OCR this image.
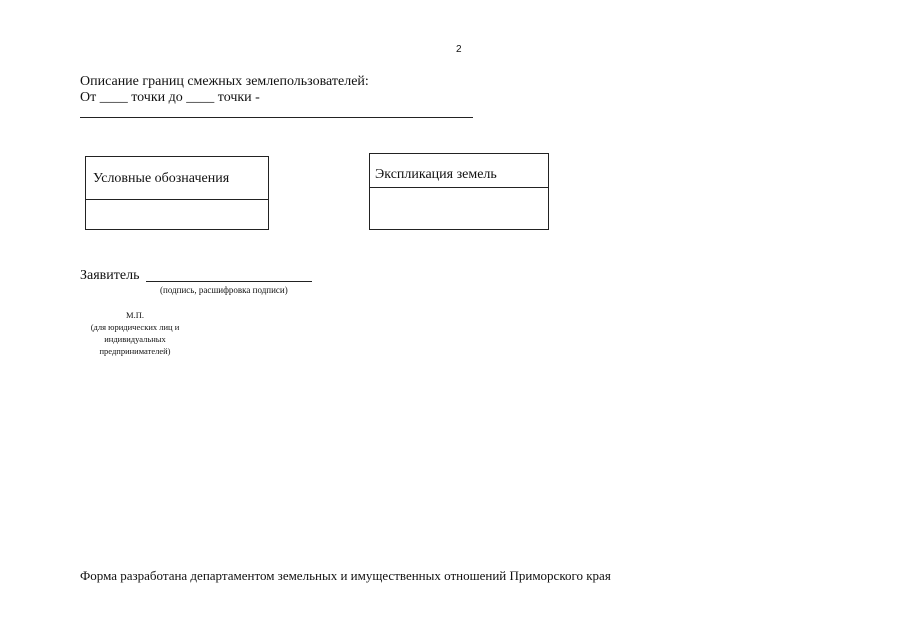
2
Описание границ смежных землепользователей:
От ____ точки до ____ точки -
Условные обозначения	Экспликация земель
Заявитель
(подпись, расшифровка подписи)
М.П.
(для юридических лиц и
индивидуальных
предпринимателей)
Форма разработана департаментом земельных и имущественных отношений Приморского края
